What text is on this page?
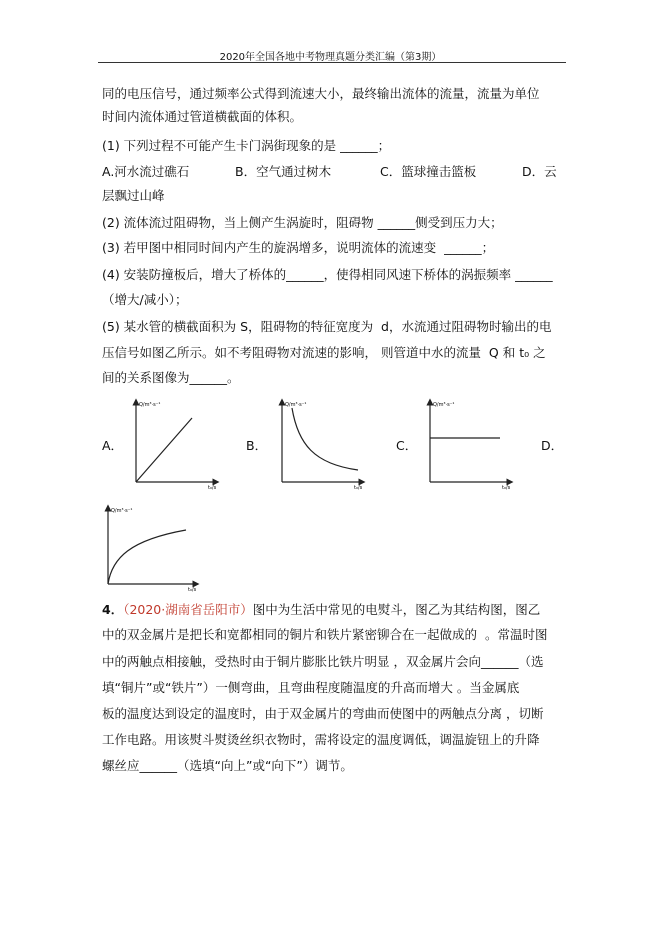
2020年全国各地中考物理真题分类汇编（第3期）
同的电压信号，通过频率公式得到流速大小，最终输出流体的流量，流量为单位
时间内流体通过管道横截面的体积。
(1) 下列过程不可能产生卡门涡街现象的是 ______；
A.河水流过礁石	B．空气通过树木	C．篮球撞击篮板	D．云
层飘过山峰
(2) 流体流过阻碍物，当上侧产生涡旋时，阻碍物 ______侧受到压力大；
(3) 若甲图中相同时间内产生的旋涡增多，说明流体的流速变  ______；
(4) 安装防撞板后，增大了桥体的______，使得相同风速下桥体的涡振频率 ______
（增大/减小）；
(5) 某水管的横截面积为 S，阻碍物的特征宽度为  d，水流通过阻碍物时输出的电
压信号如图乙所示。如不考阻碍物对流速的影响， 则管道中水的流量  Q 和 t₀ 之
间的关系图像为______。
A．	B．	C．	D．
Q/m³·s⁻¹
t₀/s
Q/m³·s⁻¹
t₀/s
Q/m³·s⁻¹
t₀/s
Q/m³·s⁻¹
t₀/s
4．（2020·湖南省岳阳市）图中为生活中常见的电熨斗，图乙为其结构图，图乙
中的双金属片是把长和宽都相同的铜片和铁片紧密铆合在一起做成的  。常温时图
中的两触点相接触，受热时由于铜片膨胀比铁片明显 ，双金属片会向______（选
填“铜片”或“铁片”）一侧弯曲，且弯曲程度随温度的升高而增大 。当金属底
板的温度达到设定的温度时，由于双金属片的弯曲而使图中的两触点分离 ，切断
工作电路。用该熨斗熨烫丝织衣物时，需将设定的温度调低，调温旋钮上的升降
螺丝应______（选填“向上”或“向下”）调节。
